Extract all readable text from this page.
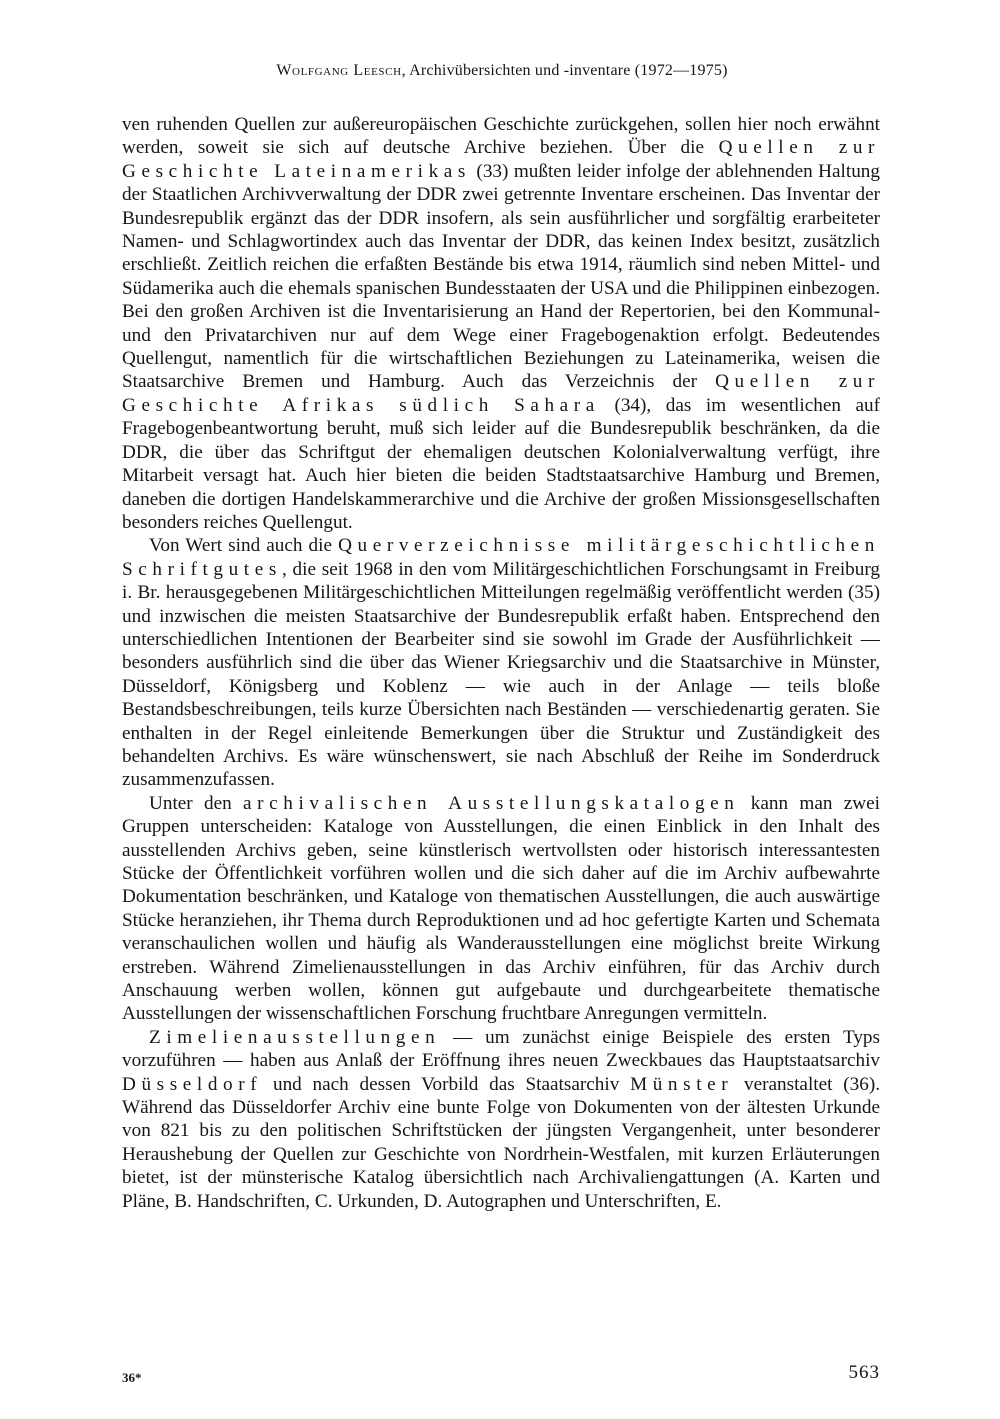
Wolfgang Leesch, Archivübersichten und -inventare (1972—1975)

ven ruhenden Quellen zur außereuropäischen Geschichte zurückgehen, sollen hier noch erwähnt werden, soweit sie sich auf deutsche Archive beziehen. Über die Quellen zur Geschichte Lateinamerikas (33) mußten leider infolge der ablehnenden Haltung der Staatlichen Archivverwaltung der DDR zwei getrennte Inventare erscheinen. Das Inventar der Bundesrepublik ergänzt das der DDR insofern, als sein ausführlicher und sorgfältig erarbeiteter Namen- und Schlagwortindex auch das Inventar der DDR, das keinen Index besitzt, zusätzlich erschließt. Zeitlich reichen die erfaßten Bestände bis etwa 1914, räumlich sind neben Mittel- und Südamerika auch die ehemals spanischen Bundesstaaten der USA und die Philippinen einbezogen. Bei den großen Archiven ist die Inventarisierung an Hand der Repertorien, bei den Kommunal- und den Privatarchiven nur auf dem Wege einer Fragebogenaktion erfolgt. Bedeutendes Quellengut, namentlich für die wirtschaftlichen Beziehungen zu Lateinamerika, weisen die Staatsarchive Bremen und Hamburg. Auch das Verzeichnis der Quellen zur Geschichte Afrikas südlich Sahara (34), das im wesentlichen auf Fragebogenbeantwortung beruht, muß sich leider auf die Bundesrepublik beschränken, da die DDR, die über das Schriftgut der ehemaligen deutschen Kolonialverwaltung verfügt, ihre Mitarbeit versagt hat. Auch hier bieten die beiden Stadtstaatsarchive Hamburg und Bremen, daneben die dortigen Handelskammerarchive und die Archive der großen Missionsgesellschaften besonders reiches Quellengut.

Von Wert sind auch die Querverzeichnisse militärgeschichtlichen Schriftgutes, die seit 1968 in den vom Militärgeschichtlichen Forschungsamt in Freiburg i. Br. herausgegebenen Militärgeschichtlichen Mitteilungen regelmäßig veröffentlicht werden (35) und inzwischen die meisten Staatsarchive der Bundesrepublik erfaßt haben. Entsprechend den unterschiedlichen Intentionen der Bearbeiter sind sie sowohl im Grade der Ausführlichkeit — besonders ausführlich sind die über das Wiener Kriegsarchiv und die Staatsarchive in Münster, Düsseldorf, Königsberg und Koblenz — wie auch in der Anlage — teils bloße Bestandsbeschreibungen, teils kurze Übersichten nach Beständen — verschiedenartig geraten. Sie enthalten in der Regel einleitende Bemerkungen über die Struktur und Zuständigkeit des behandelten Archivs. Es wäre wünschenswert, sie nach Abschluß der Reihe im Sonderdruck zusammenzufassen.

Unter den archivalischen Ausstellungskatalogen kann man zwei Gruppen unterscheiden: Kataloge von Ausstellungen, die einen Einblick in den Inhalt des ausstellenden Archivs geben, seine künstlerisch wertvollsten oder historisch interessantesten Stücke der Öffentlichkeit vorführen wollen und die sich daher auf die im Archiv aufbewahrte Dokumentation beschränken, und Kataloge von thematischen Ausstellungen, die auch auswärtige Stücke heranziehen, ihr Thema durch Reproduktionen und ad hoc gefertigte Karten und Schemata veranschaulichen wollen und häufig als Wanderausstellungen eine möglichst breite Wirkung erstreben. Während Zimelienausstellungen in das Archiv einführen, für das Archiv durch Anschauung werben wollen, können gut aufgebaute und durchgearbeitete thematische Ausstellungen der wissenschaftlichen Forschung fruchtbare Anregungen vermitteln.

Zimelienausstellungen — um zunächst einige Beispiele des ersten Typs vorzuführen — haben aus Anlaß der Eröffnung ihres neuen Zweckbaues das Hauptstaatsarchiv Düsseldorf und nach dessen Vorbild das Staatsarchiv Münster veranstaltet (36). Während das Düsseldorfer Archiv eine bunte Folge von Dokumenten von der ältesten Urkunde von 821 bis zu den politischen Schriftstücken der jüngsten Vergangenheit, unter besonderer Heraushebung der Quellen zur Geschichte von Nordrhein-Westfalen, mit kurzen Erläuterungen bietet, ist der münsterische Katalog übersichtlich nach Archivaliengattungen (A. Karten und Pläne, B. Handschriften, C. Urkunden, D. Autographen und Unterschriften, E.

36*	563
